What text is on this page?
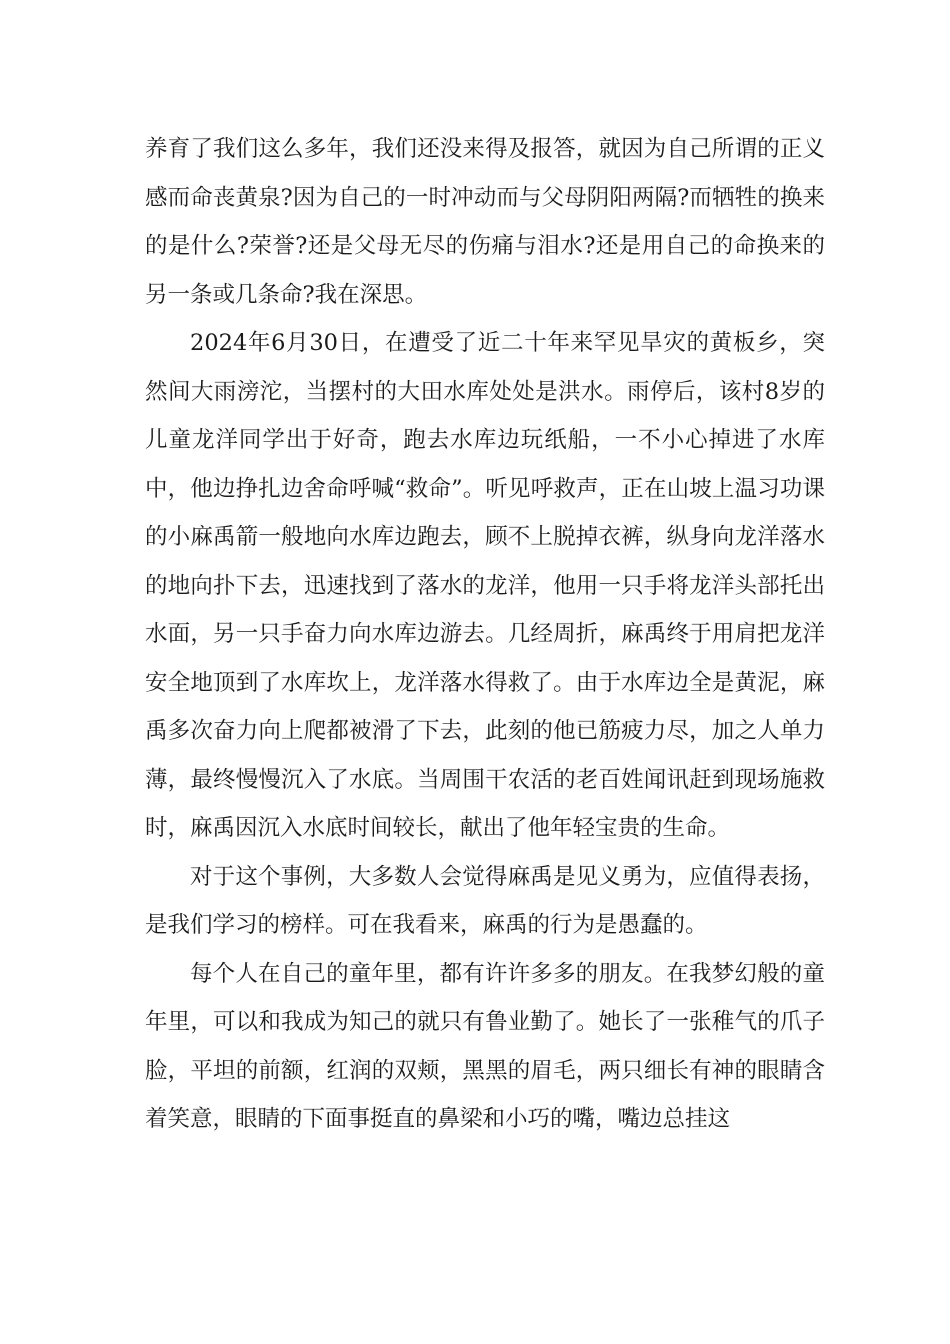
养育了我们这么多年，我们还没来得及报答，就因为自己所谓的正义感而命丧黄泉?因为自己的一时冲动而与父母阴阳两隔?而牺牲的换来的是什么?荣誉?还是父母无尽的伤痛与泪水?还是用自己的命换来的另一条或几条命?我在深思。

2024年6月30日，在遭受了近二十年来罕见旱灾的黄板乡，突然间大雨滂沱，当摆村的大田水库处处是洪水。雨停后，该村8岁的儿童龙洋同学出于好奇，跑去水库边玩纸船，一不小心掉进了水库中，他边挣扎边舍命呼喊“救命”。听见呼救声，正在山坡上温习功课的小麻禹箭一般地向水库边跑去，顾不上脱掉衣裤，纵身向龙洋落水的地向扑下去，迅速找到了落水的龙洋，他用一只手将龙洋头部托出水面，另一只手奋力向水库边游去。几经周折，麻禹终于用肩把龙洋安全地顶到了水库坎上，龙洋落水得救了。由于水库边全是黄泥，麻禹多次奋力向上爬都被滑了下去，此刻的他已筋疲力尽，加之人单力薄，最终慢慢沉入了水底。当周围干农活的老百姓闻讯赶到现场施救时，麻禹因沉入水底时间较长，献出了他年轻宝贵的生命。

对于这个事例，大多数人会觉得麻禹是见义勇为，应值得表扬，是我们学习的榜样。可在我看来，麻禹的行为是愚蠢的。

每个人在自己的童年里，都有许许多多的朋友。在我梦幻般的童年里，可以和我成为知己的就只有鲁业勤了。她长了一张稚气的爪子脸，平坦的前额，红润的双颊，黑黑的眉毛，两只细长有神的眼睛含着笑意，眼睛的下面事挺直的鼻梁和小巧的嘴，嘴边总挂这
